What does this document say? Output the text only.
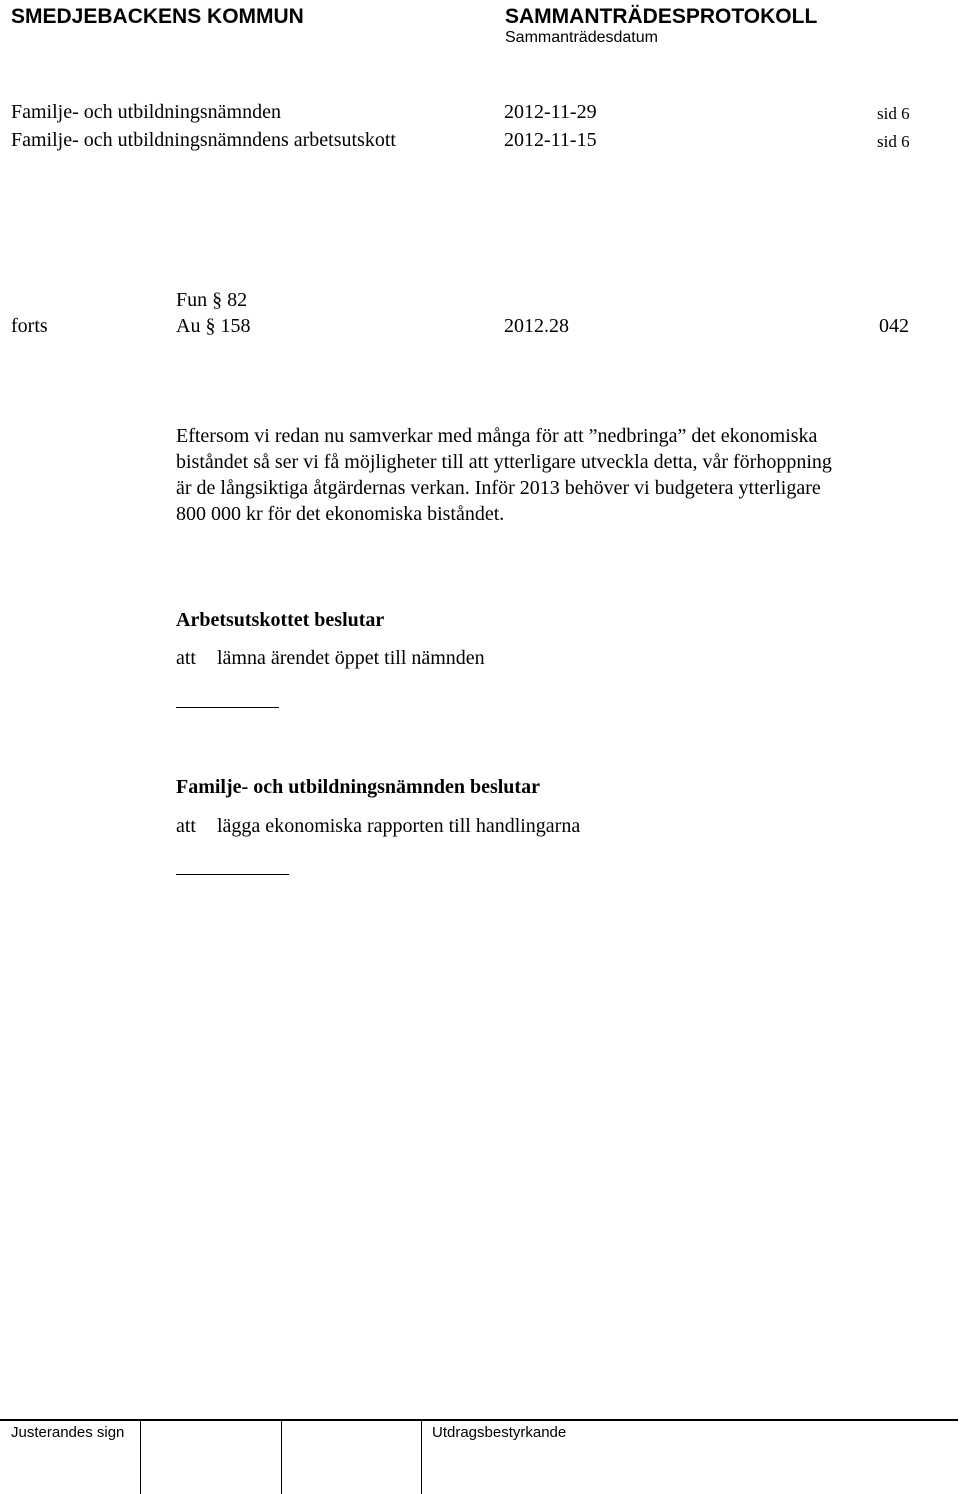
SMEDJEBACKENS KOMMUN	SAMMANTRÄDESPROTOKOLL
Sammanträdesdatum
Familje- och utbildningsnämnden	2012-11-29	sid 6
Familje- och utbildningsnämndens arbetsutskott	2012-11-15	sid 6
Fun § 82
forts	Au § 158	2012.28	042
Eftersom vi redan nu samverkar med många för att ”nedbringa” det ekonomiska
biståndet så ser vi få möjligheter till att ytterligare utveckla detta, vår förhoppning
är de långsiktiga åtgärdernas verkan. Inför 2013 behöver vi budgetera ytterligare
800 000 kr för det ekonomiska biståndet.
Arbetsutskottet beslutar
att lämna ärendet öppet till nämnden
Familje- och utbildningsnämnden beslutar
att lägga ekonomiska rapporten till handlingarna
Justerandes sign	Utdragsbestyrkande
